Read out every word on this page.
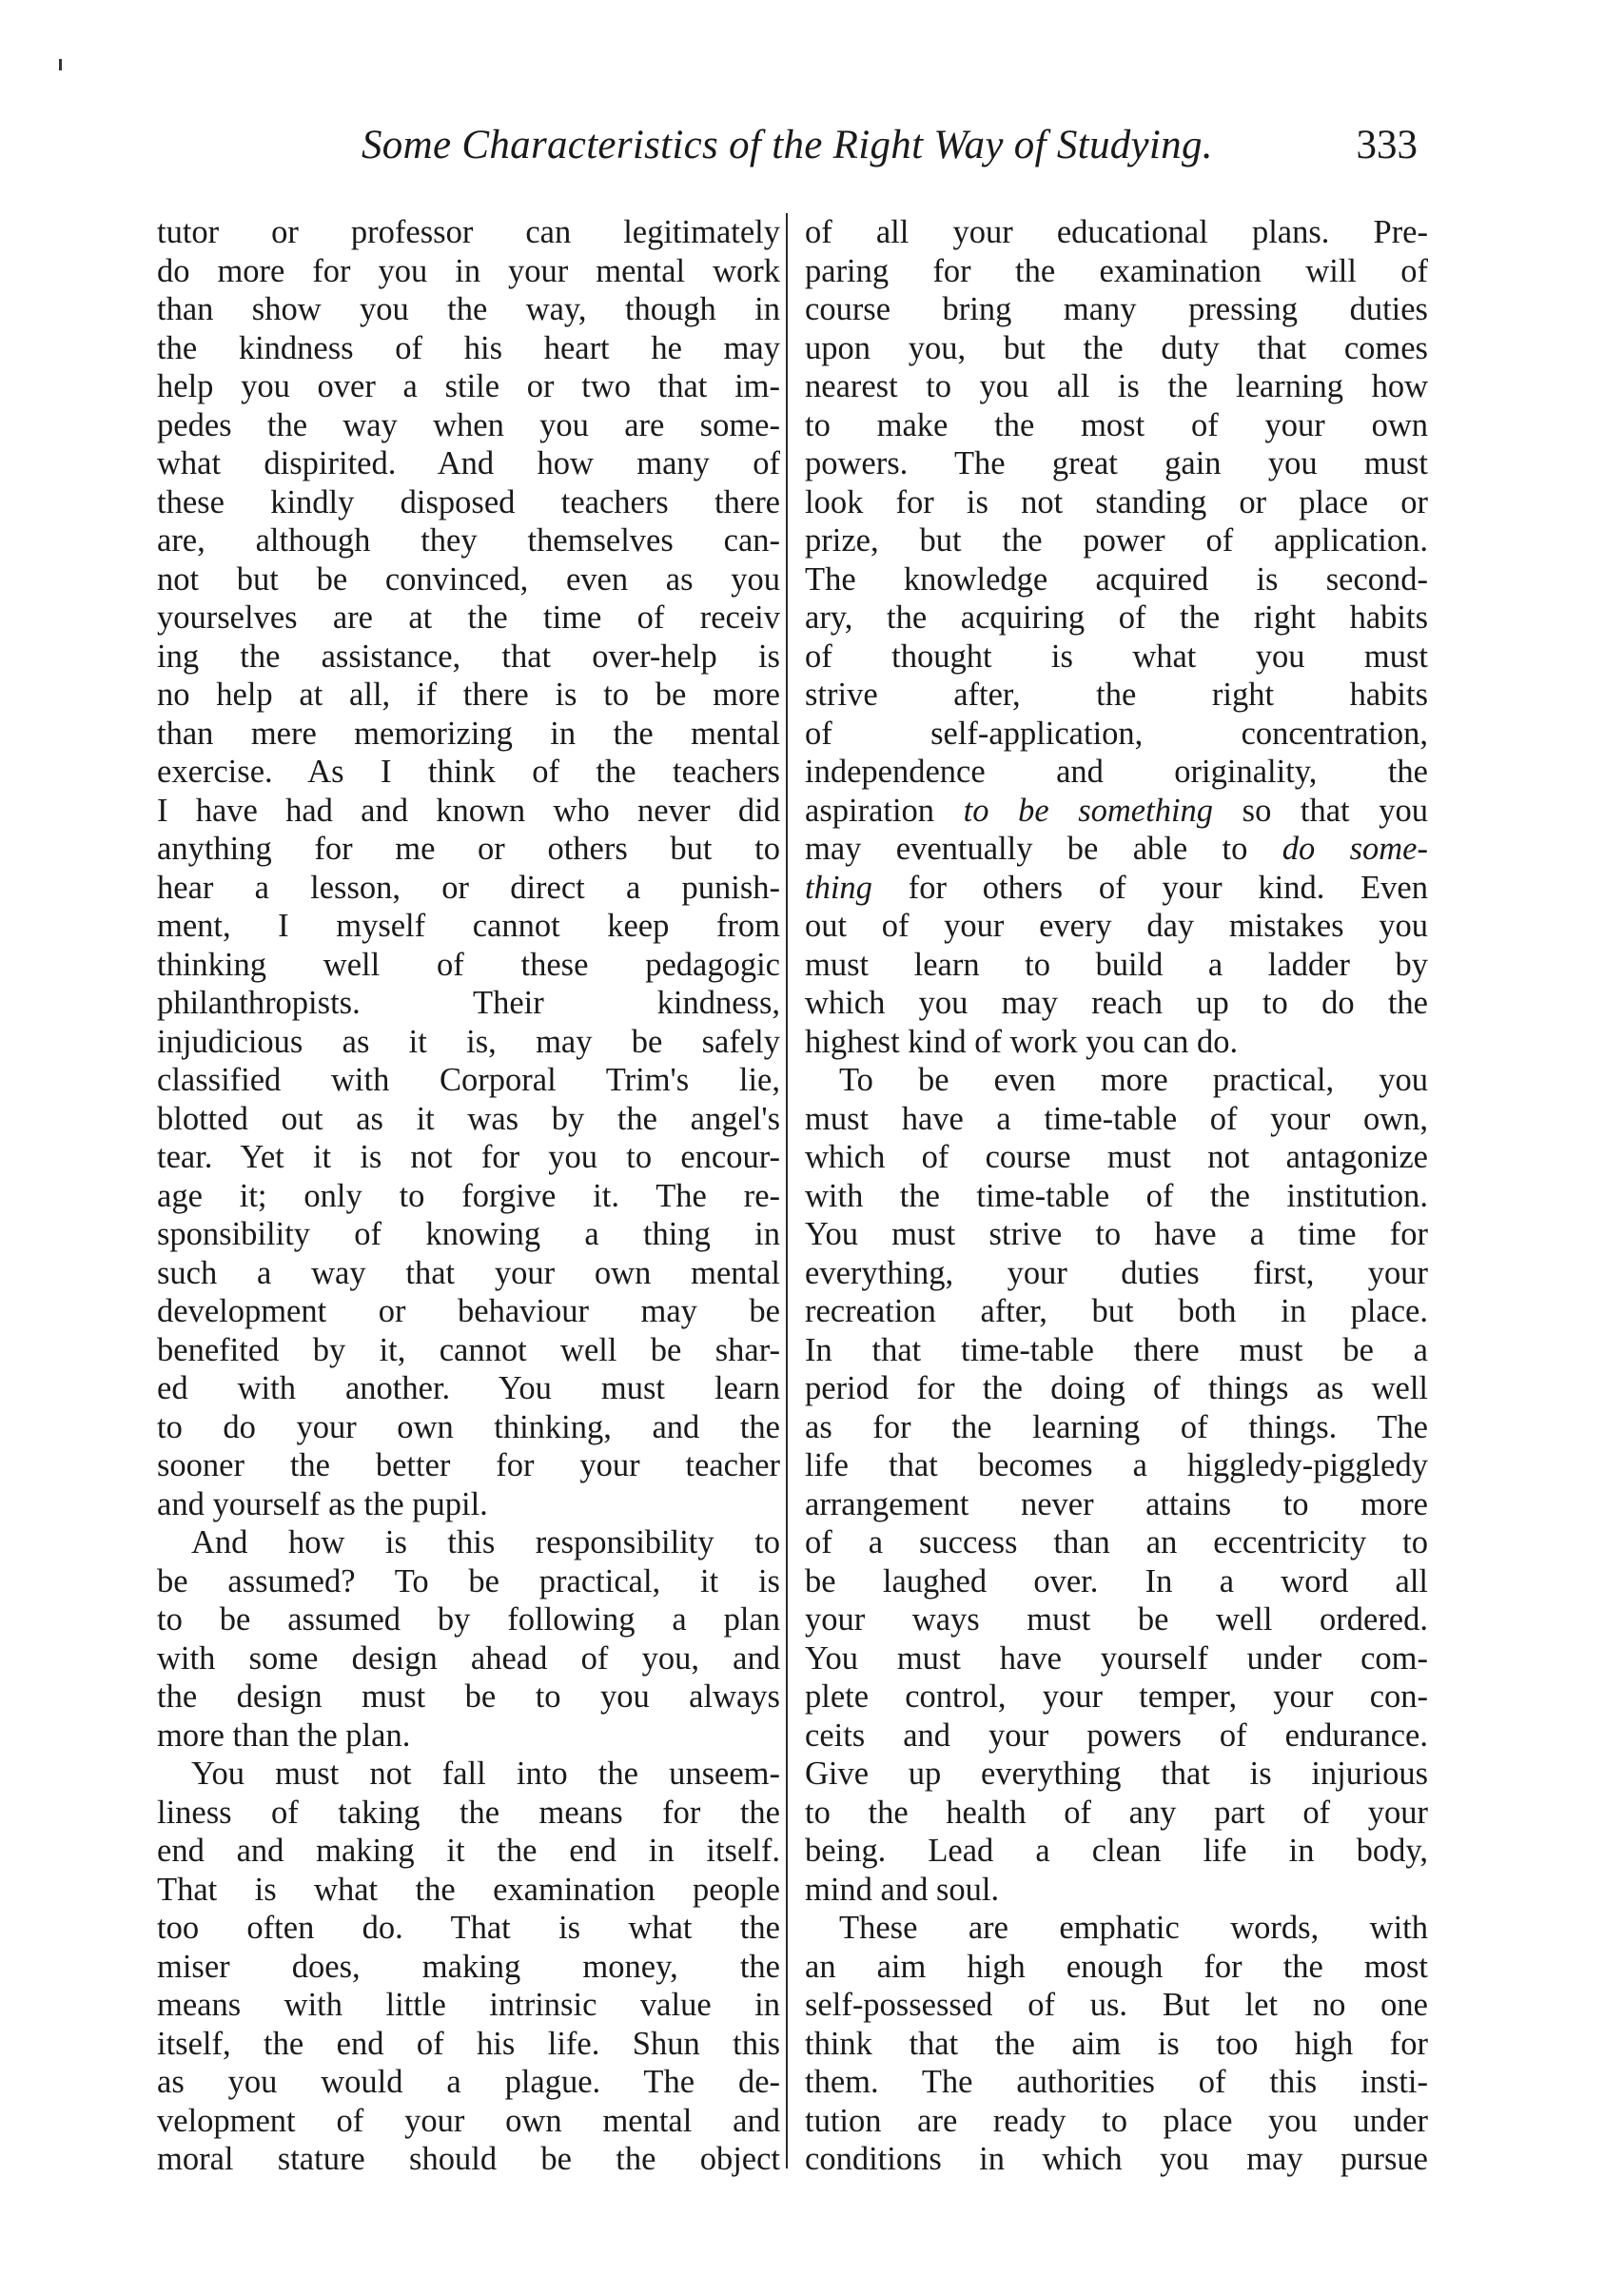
Some Characteristics of the Right Way of Studying.	333
tutor or professor can legitimately
do more for you in your mental work
than show you the way, though in
the kindness of his heart he may
help you over a stile or two that im-
pedes the way when you are some-
what dispirited. And how many of
these kindly disposed teachers there
are, although they themselves can-
not but be convinced, even as you
yourselves are at the time of receiv
ing the assistance, that over-help is
no help at all, if there is to be more
than mere memorizing in the mental
exercise. As I think of the teachers
I have had and known who never did
anything for me or others but to
hear a lesson, or direct a punish-
ment, I myself cannot keep from
thinking well of these pedagogic
philanthropists. Their kindness,
injudicious as it is, may be safely
classified with Corporal Trim's lie,
blotted out as it was by the angel's
tear. Yet it is not for you to encour-
age it; only to forgive it. The re-
sponsibility of knowing a thing in
such a way that your own mental
development or behaviour may be
benefited by it, cannot well be shar-
ed with another. You must learn
to do your own thinking, and the
sooner the better for your teacher
and yourself as the pupil.
And how is this responsibility to
be assumed? To be practical, it is
to be assumed by following a plan
with some design ahead of you, and
the design must be to you always
more than the plan.
You must not fall into the unseem-
liness of taking the means for the
end and making it the end in itself.
That is what the examination people
too often do. That is what the
miser does, making money, the
means with little intrinsic value in
itself, the end of his life. Shun this
as you would a plague. The de-
velopment of your own mental and
moral stature should be the object
of all your educational plans. Pre-
paring for the examination will of
course bring many pressing duties
upon you, but the duty that comes
nearest to you all is the learning how
to make the most of your own
powers. The great gain you must
look for is not standing or place or
prize, but the power of application.
The knowledge acquired is second-
ary, the acquiring of the right habits
of thought is what you must
strive after, the right habits
of self-application, concentration,
independence and originality, the
aspiration to be something so that you
may eventually be able to do some-
thing for others of your kind. Even
out of your every day mistakes you
must learn to build a ladder by
which you may reach up to do the
highest kind of work you can do.
To be even more practical, you
must have a time-table of your own,
which of course must not antagonize
with the time-table of the institution.
You must strive to have a time for
everything, your duties first, your
recreation after, but both in place.
In that time-table there must be a
period for the doing of things as well
as for the learning of things. The
life that becomes a higgledy-piggledy
arrangement never attains to more
of a success than an eccentricity to
be laughed over. In a word all
your ways must be well ordered.
You must have yourself under com-
plete control, your temper, your con-
ceits and your powers of endurance.
Give up everything that is injurious
to the health of any part of your
being. Lead a clean life in body,
mind and soul.
These are emphatic words, with
an aim high enough for the most
self-possessed of us. But let no one
think that the aim is too high for
them. The authorities of this insti-
tution are ready to place you under
conditions in which you may pursue
